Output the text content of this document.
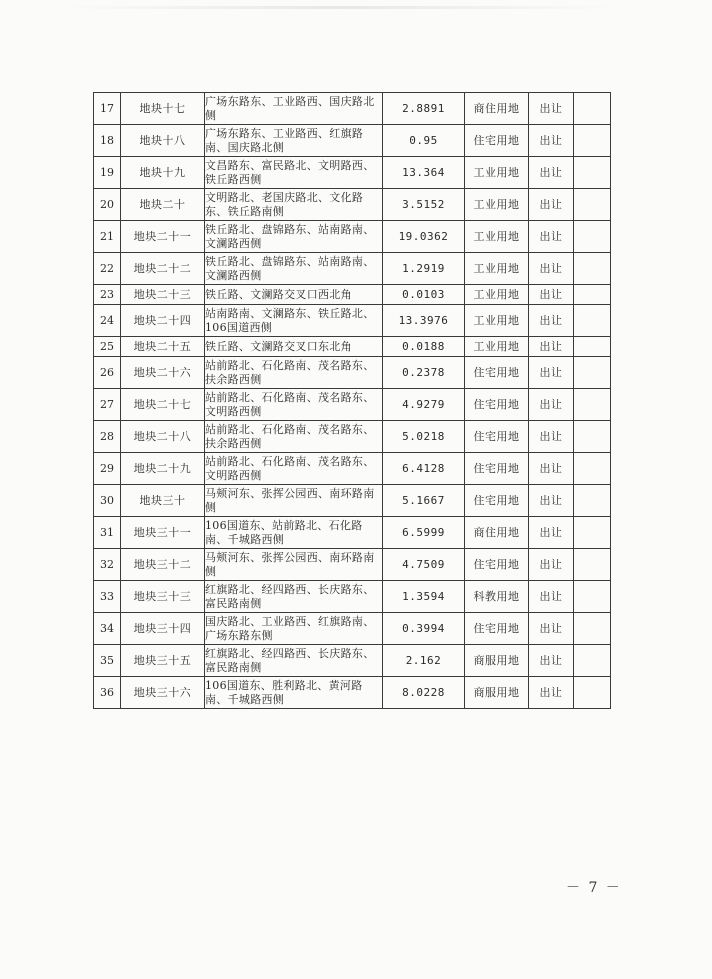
17	地块十七	广场东路东、工业路西、国庆路北侧	2.8891	商住用地	出让	
18	地块十八	广场东路东、工业路西、红旗路南、国庆路北侧	0.95	住宅用地	出让	
19	地块十九	文昌路东、富民路北、文明路西、铁丘路西侧	13.364	工业用地	出让	
20	地块二十	文明路北、老国庆路北、文化路东、铁丘路南侧	3.5152	工业用地	出让	
21	地块二十一	铁丘路北、盘锦路东、站南路南、文澜路西侧	19.0362	工业用地	出让	
22	地块二十二	铁丘路北、盘锦路东、站南路南、文澜路西侧	1.2919	工业用地	出让	
23	地块二十三	铁丘路、文澜路交叉口西北角	0.0103	工业用地	出让	
24	地块二十四	站南路南、文澜路东、铁丘路北、106国道西侧	13.3976	工业用地	出让	
25	地块二十五	铁丘路、文澜路交叉口东北角	0.0188	工业用地	出让	
26	地块二十六	站前路北、石化路南、茂名路东、扶余路西侧	0.2378	住宅用地	出让	
27	地块二十七	站前路北、石化路南、茂名路东、文明路西侧	4.9279	住宅用地	出让	
28	地块二十八	站前路北、石化路南、茂名路东、扶余路西侧	5.0218	住宅用地	出让	
29	地块二十九	站前路北、石化路南、茂名路东、文明路西侧	6.4128	住宅用地	出让	
30	地块三十	马颊河东、张挥公园西、南环路南侧	5.1667	住宅用地	出让	
31	地块三十一	106国道东、站前路北、石化路南、千城路西侧	6.5999	商住用地	出让	
32	地块三十二	马颊河东、张挥公园西、南环路南侧	4.7509	住宅用地	出让	
33	地块三十三	红旗路北、经四路西、长庆路东、富民路南侧	1.3594	科教用地	出让	
34	地块三十四	国庆路北、工业路西、红旗路南、广场东路东侧	0.3994	住宅用地	出让	
35	地块三十五	红旗路北、经四路西、长庆路东、富民路南侧	2.162	商服用地	出让	
36	地块三十六	106国道东、胜利路北、黄河路南、千城路西侧	8.0228	商服用地	出让	
－ 7 －
